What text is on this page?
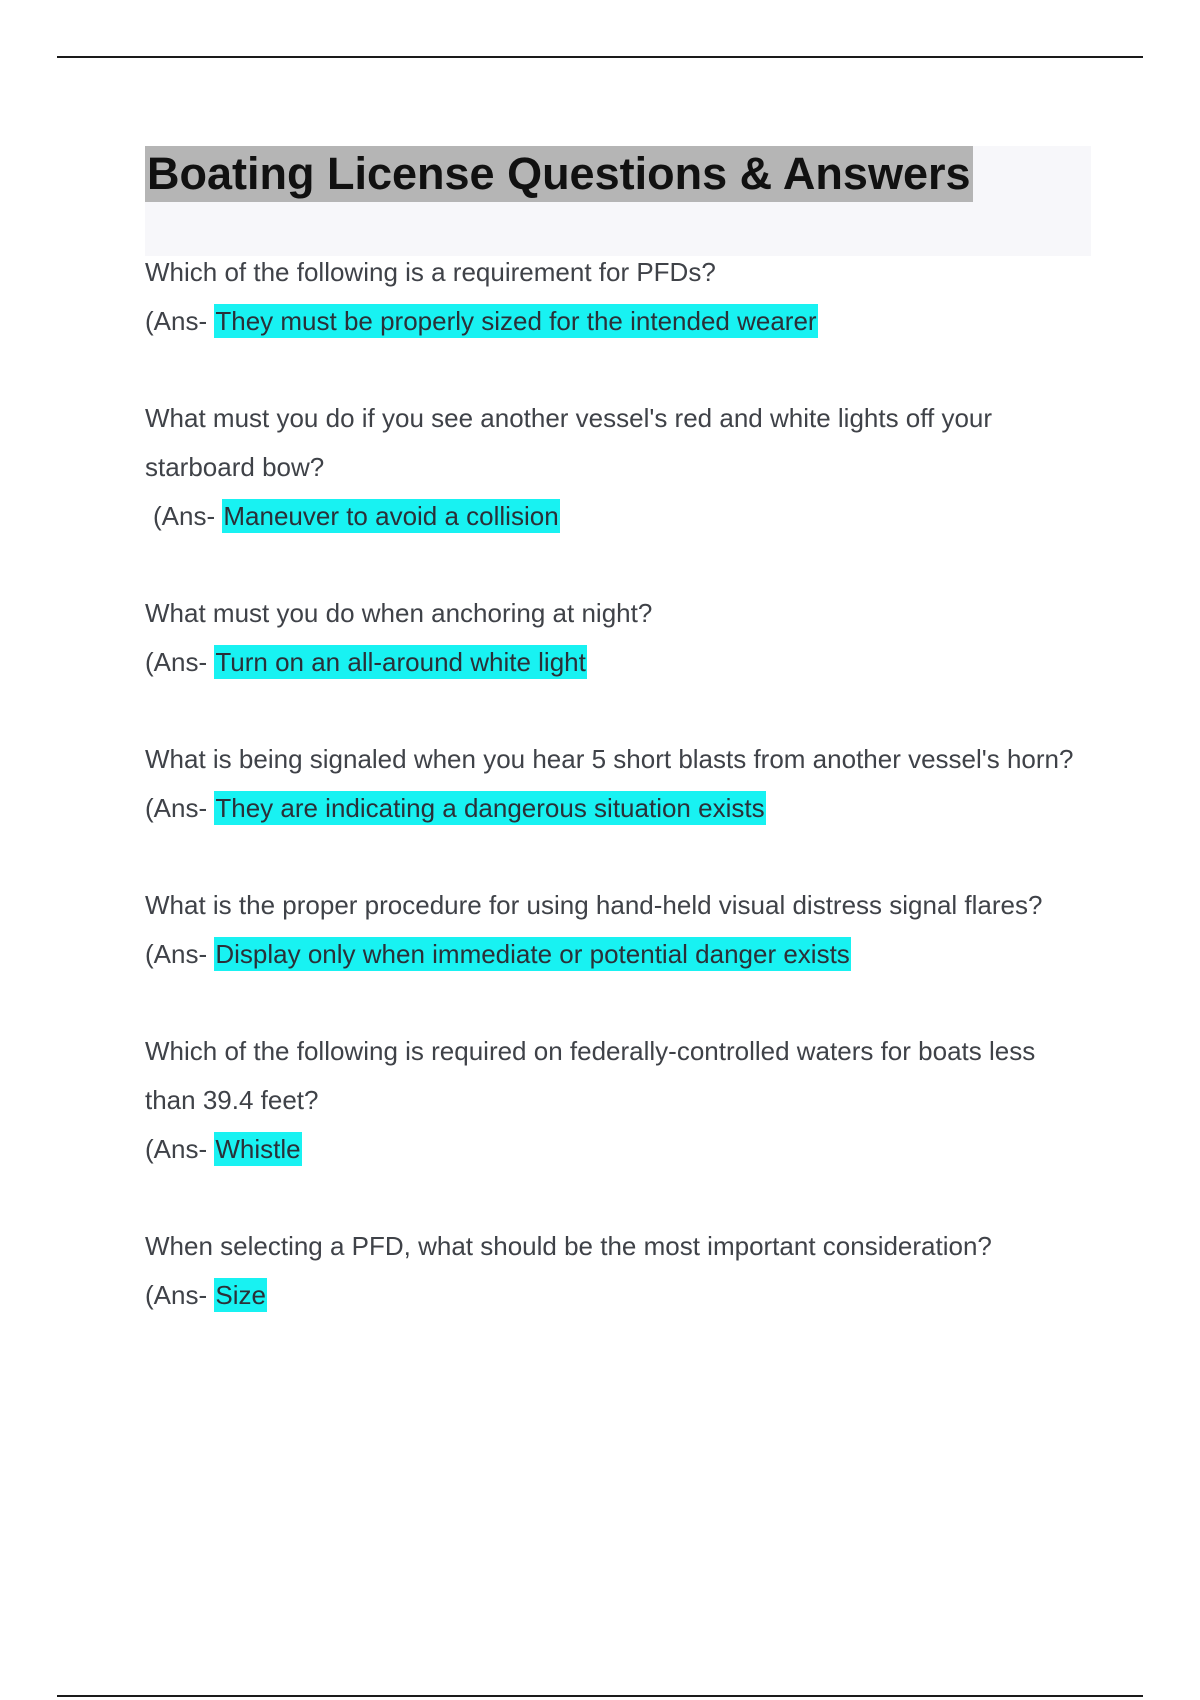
Boating License Questions & Answers

Which of the following is a requirement for PFDs?

(Ans- They must be properly sized for the intended wearer

What must you do if you see another vessel's red and white lights off your starboard bow?

(Ans- Maneuver to avoid a collision

What must you do when anchoring at night?

(Ans- Turn on an all-around white light

What is being signaled when you hear 5 short blasts from another vessel's horn?

(Ans- They are indicating a dangerous situation exists

What is the proper procedure for using hand-held visual distress signal flares?

(Ans- Display only when immediate or potential danger exists

Which of the following is required on federally-controlled waters for boats less than 39.4 feet?

(Ans- Whistle

When selecting a PFD, what should be the most important consideration?

(Ans- Size
